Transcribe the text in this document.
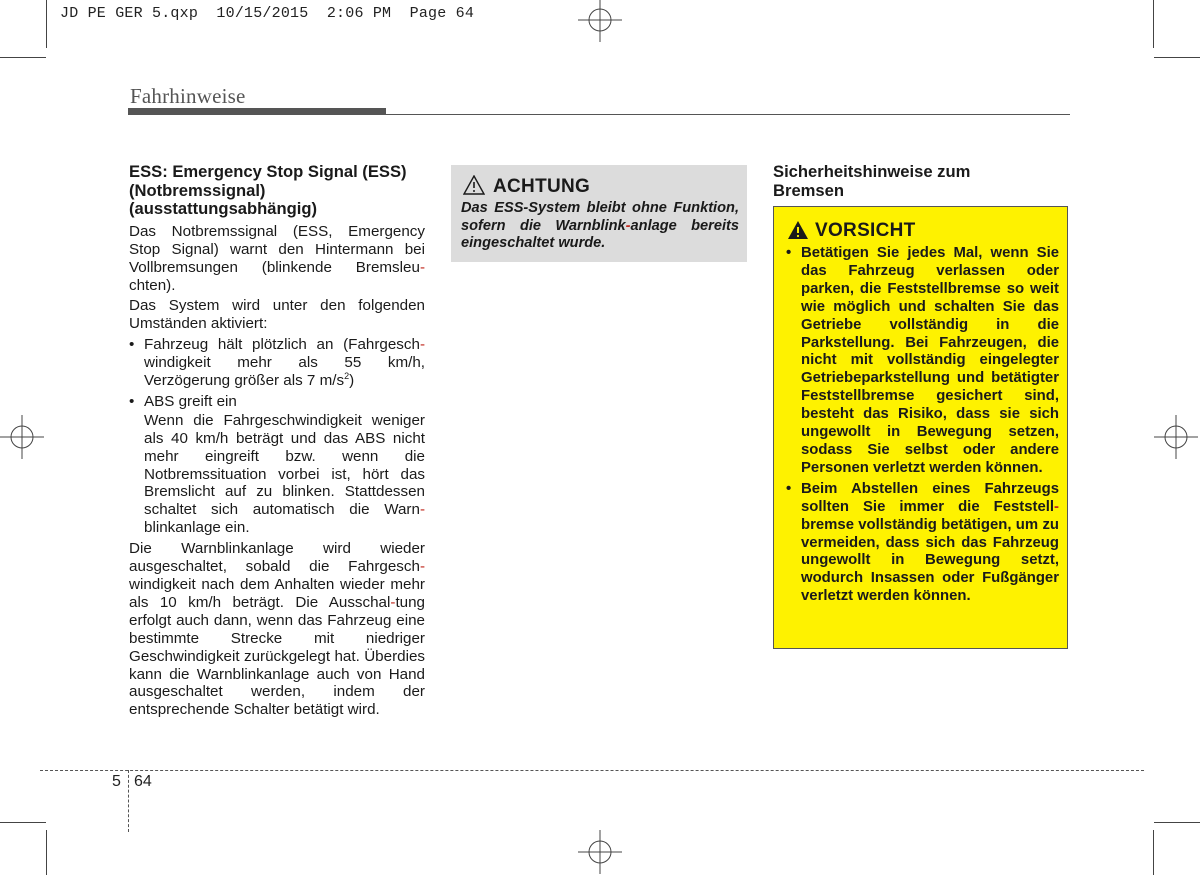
JD PE GER 5.qxp  10/15/2015  2:06 PM  Page 64
Fahrhinweise
ESS: Emergency Stop Signal (ESS) (Notbremssignal) (ausstattungsabhängig)
Das Notbremssignal (ESS, Emergency Stop Signal) warnt den Hintermann bei Vollbremsungen (blinkende Bremsleu-chten).
Das System wird unter den folgenden Umständen aktiviert:
• Fahrzeug hält plötzlich an (Fahrgesch-windigkeit mehr als 55 km/h, Verzögerung größer als 7 $m/s^2$)
• ABS greift ein
Wenn die Fahrgeschwindigkeit weniger als 40 km/h beträgt und das ABS nicht mehr eingreift bzw. wenn die Notbremssituation vorbei ist, hört das Bremslicht auf zu blinken. Stattdessen schaltet sich automatisch die Warn-blinkanlage ein.
Die Warnblinkanlage wird wieder ausgeschaltet, sobald die Fahrgesch-windigkeit nach dem Anhalten wieder mehr als 10 km/h beträgt. Die Ausschal-tung erfolgt auch dann, wenn das Fahrzeug eine bestimmte Strecke mit niedriger Geschwindigkeit zurückgelegt hat. Überdies kann die Warnblinkanlage auch von Hand ausgeschaltet werden, indem der entsprechende Schalter betätigt wird.
ACHTUNG
Das ESS-System bleibt ohne Funktion, sofern die Warnblink-anlage bereits eingeschaltet wurde.
Sicherheitshinweise zum Bremsen
VORSICHT
• Betätigen Sie jedes Mal, wenn Sie das Fahrzeug verlassen oder parken, die Feststellbremse so weit wie möglich und schalten Sie das Getriebe vollständig in die Parkstellung. Bei Fahrzeugen, die nicht mit vollständig eingelegter Getriebeparkstellung und betätigter Feststellbremse gesichert sind, besteht das Risiko, dass sie sich ungewollt in Bewegung setzen, sodass Sie selbst oder andere Personen verletzt werden können.
• Beim Abstellen eines Fahrzeugs sollten Sie immer die Feststell-bremse vollständig betätigen, um zu vermeiden, dass sich das Fahrzeug ungewollt in Bewegung setzt, wodurch Insassen oder Fußgänger verletzt werden können.
5 64
